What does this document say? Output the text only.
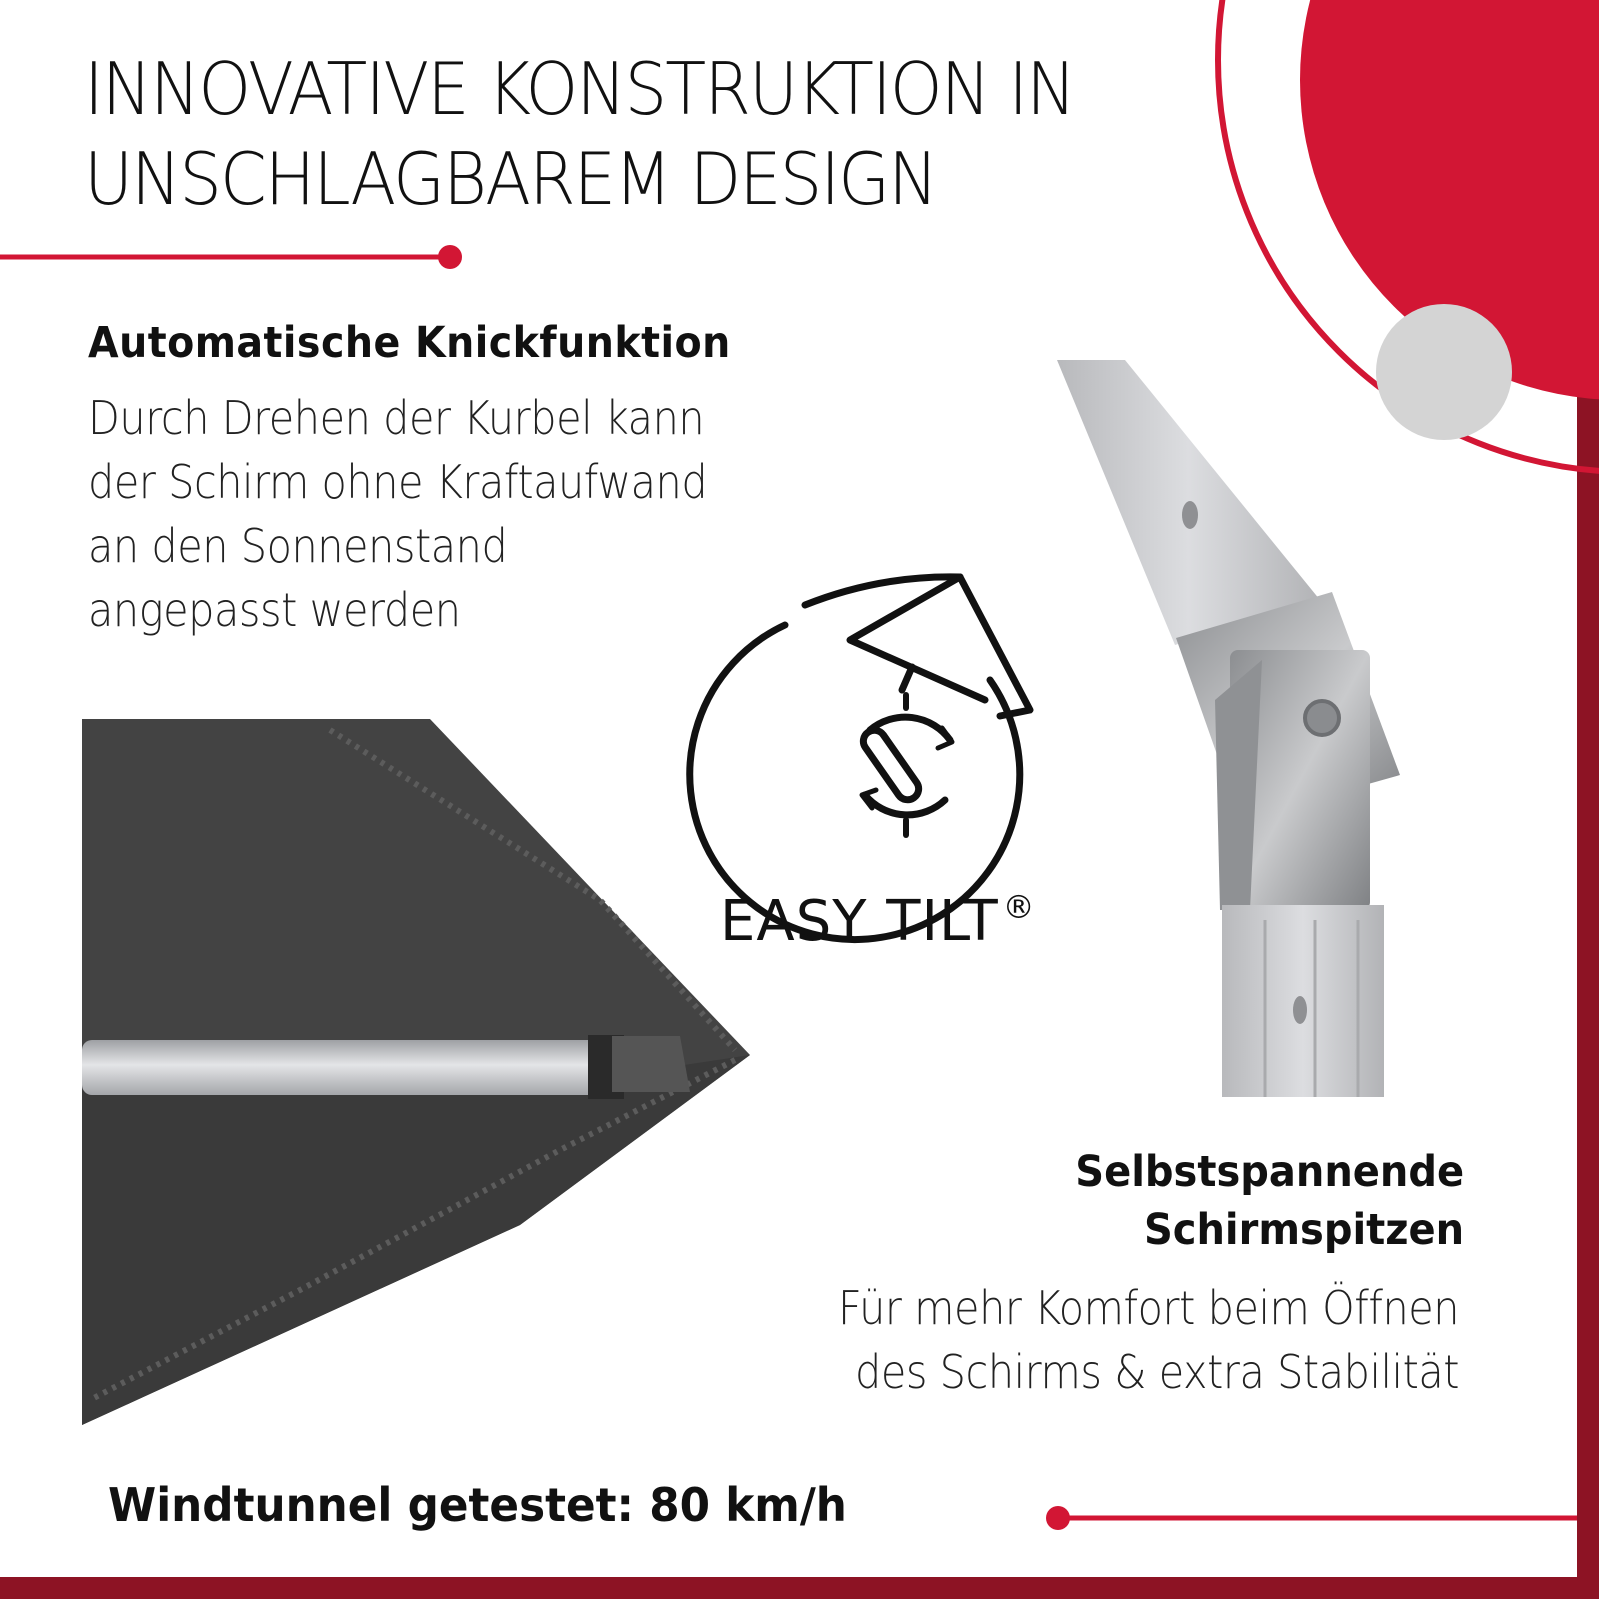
INNOVATIVE KONSTRUKTION IN
UNSCHLAGBAREM DESIGN
Automatische Knickfunktion
Durch Drehen der Kurbel kann
der Schirm ohne Kraftaufwand
an den Sonnenstand
angepasst werden
EASY TILT ®
Selbstspannende
Schirmspitzen
Für mehr Komfort beim Öffnen
des Schirms & extra Stabilität
Windtunnel getestet: 80 km/h
